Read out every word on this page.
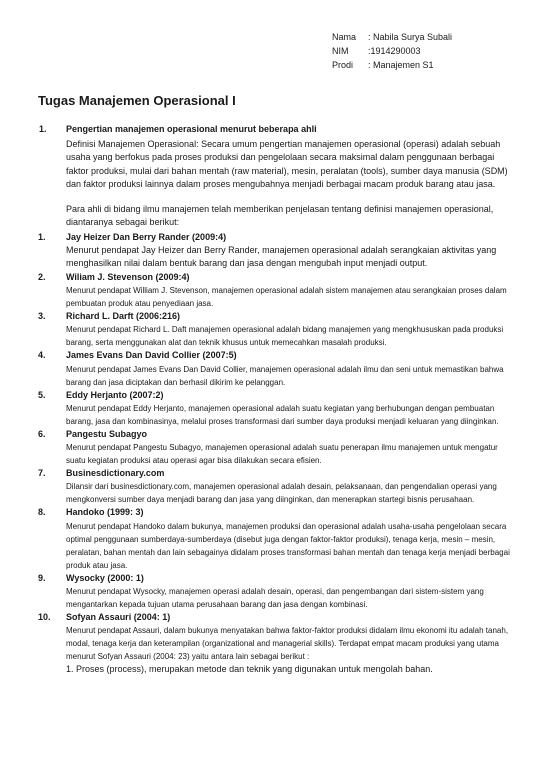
Nama	: Nabila Surya Subali
NIM	:1914290003
Prodi	: Manajemen S1
Tugas Manajemen Operasional I
1.	Pengertian manajemen operasional menurut beberapa ahli

Definisi Manajemen Operasional: Secara umum pengertian manajemen operasional (operasi) adalah sebuah usaha yang berfokus pada proses produksi dan pengelolaan secara maksimal dalam penggunaan berbagai faktor produksi, mulai dari bahan mentah (raw material), mesin, peralatan (tools), sumber daya manusia (SDM) dan faktor produksi lainnya dalam proses mengubahnya menjadi berbagai macam produk barang atau jasa.

Para ahli di bidang ilmu manajemen telah memberikan penjelasan tentang definisi manajemen operasional, diantaranya sebagai berikut:

1.	Jay Heizer Dan Berry Rander (2009:4)

Menurut pendapat Jay Heizer dan Berry Rander, manajemen operasional adalah serangkaian aktivitas yang menghasilkan nilai dalam bentuk barang dan jasa dengan mengubah input menjadi output.

2.	Wiliam J. Stevenson (2009:4)

Menurut pendapat William J. Stevenson, manajemen operasional adalah sistem manajemen atau serangkaian proses dalam pembuatan produk atau penyediaan jasa.

3.	Richard L. Darft (2006:216)

Menurut pendapat Richard L. Daft manajemen operasional adalah bidang manajemen yang mengkhususkan pada produksi barang, serta menggunakan alat dan teknik khusus untuk memecahkan masalah produksi.

4.	James Evans Dan David Collier (2007:5)

Menurut pendapat James Evans Dan David Collier, manajemen operasional adalah ilmu dan seni untuk memastikan bahwa barang dan jasa diciptakan dan berhasil dikirim ke pelanggan.

5.	Eddy Herjanto (2007:2)

Menurut pendapat Eddy Herjanto, manajemen operasional adalah suatu kegiatan yang berhubungan dengan pembuatan barang, jasa dan kombinasinya, melalui proses transformasi dari sumber daya produksi menjadi keluaran yang diinginkan.

6.	Pangestu Subagyo

Menurut pendapat Pangestu Subagyo, manajemen operasional adalah suatu penerapan ilmu manajemen untuk mengatur suatu kegiatan produksi atau operasi agar bisa dilakukan secara efisien.

7.	Businesdictionary.com

Dilansir dari businesdictionary.com, manajemen operasional adalah desain, pelaksanaan, dan pengendalian operasi yang mengkonversi sumber daya menjadi barang dan jasa yang diinginkan, dan menerapkan startegi bisnis perusahaan.

8.	Handoko (1999: 3)

Menurut pendapat Handoko dalam bukunya, manajemen produksi dan operasional adalah usaha-usaha pengelolaan secara optimal penggunaan sumberdaya-sumberdaya (disebut juga dengan faktor-faktor produksi), tenaga kerja, mesin – mesin, peralatan, bahan mentah dan lain sebagainya didalam proses transformasi bahan mentah dan tenaga kerja menjadi berbagai produk atau jasa.

9.	Wysocky (2000: 1)

Menurut pendapat Wysocky, manajemen operasi adalah desain, operasi, dan pengembangan dari sistem-sistem yang mengantarkan kepada tujuan utama perusahaan barang dan jasa dengan kombinasi.

10.	Sofyan Assauri (2004: 1)

Menurut pendapat Assauri, dalam bukunya menyatakan bahwa faktor-faktor produksi didalam ilmu ekonomi itu adalah tanah, modal, tenaga kerja dan keterampilan (organizational and managerial skills). Terdapat empat macam produksi yang utama menurut Sofyan Assauri (2004: 23) yaitu antara lain sebagai berikut :

1. Proses (process), merupakan metode dan teknik yang digunakan untuk mengolah bahan.
